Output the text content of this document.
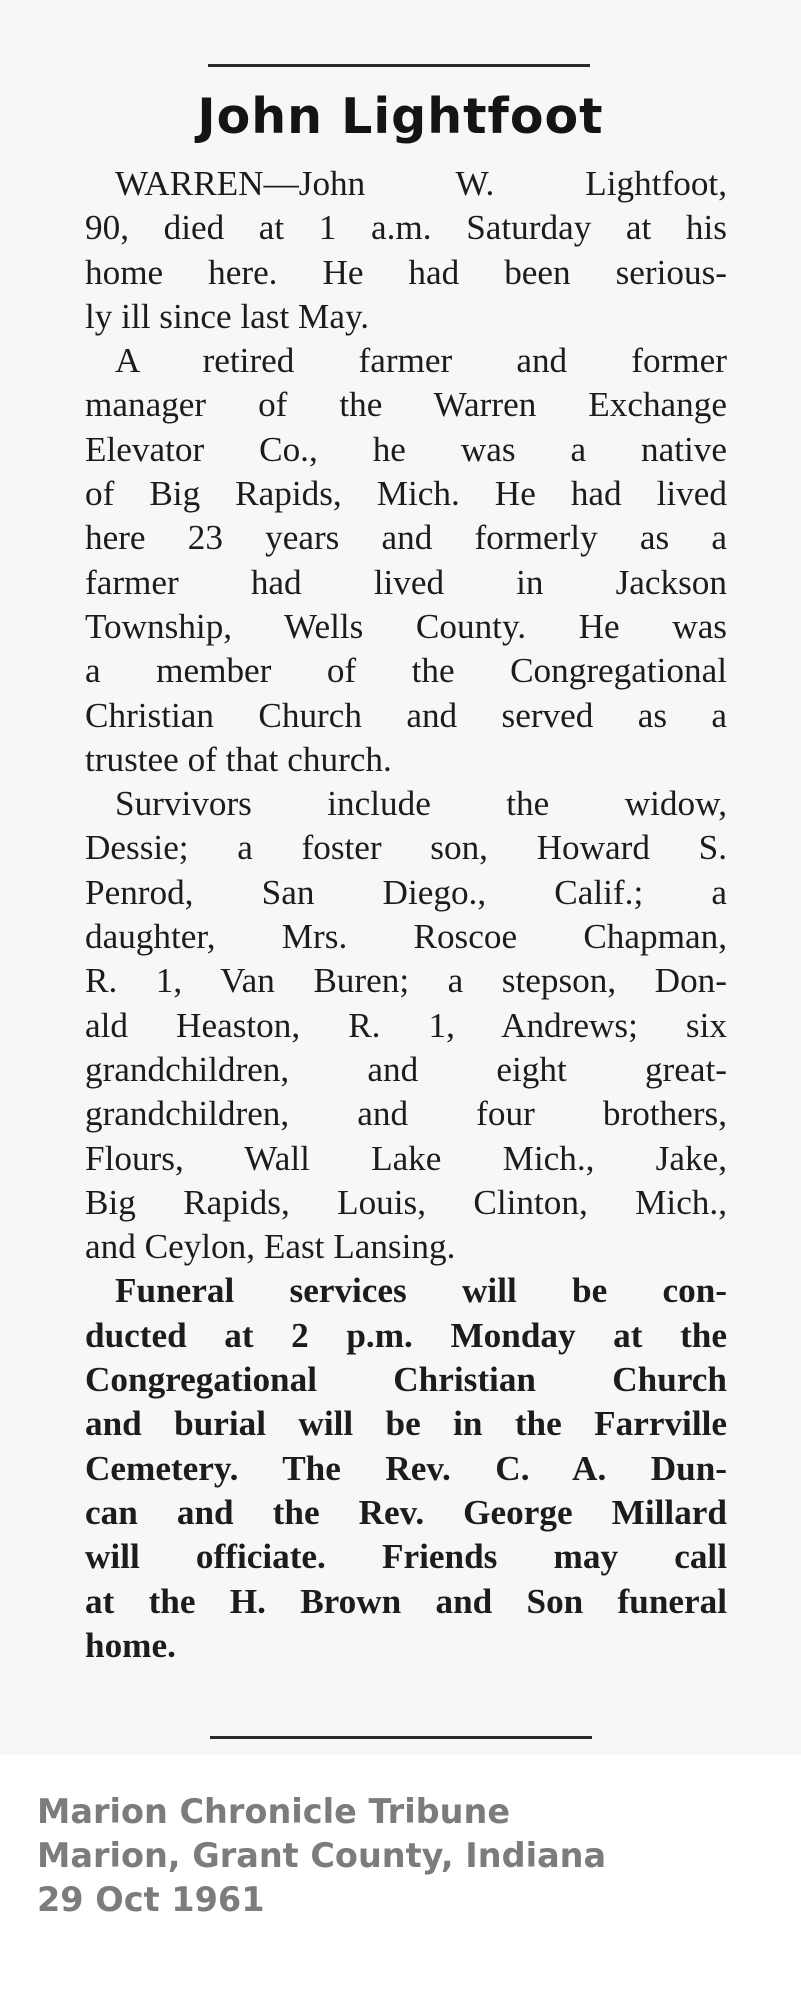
John Lightfoot

WARREN—John W. Lightfoot,
90, died at 1 a.m. Saturday at his
home here. He had been serious-
ly ill since last May.

A retired farmer and former
manager of the Warren Exchange
Elevator Co., he was a native
of Big Rapids, Mich. He had lived
here 23 years and formerly as a
farmer had lived in Jackson
Township, Wells County. He was
a member of the Congregational
Christian Church and served as a
trustee of that church.

Survivors include the widow,
Dessie; a foster son, Howard S.
Penrod, San Diego., Calif.; a
daughter, Mrs. Roscoe Chapman,
R. 1, Van Buren; a stepson, Don-
ald Heaston, R. 1, Andrews; six
grandchildren, and eight great-
grandchildren, and four brothers,
Flours, Wall Lake Mich., Jake,
Big Rapids, Louis, Clinton, Mich.,
and Ceylon, East Lansing.

Funeral services will be con-
ducted at 2 p.m. Monday at the
Congregational Christian Church
and burial will be in the Farrville
Cemetery. The Rev. C. A. Dun-
can and the Rev. George Millard
will officiate. Friends may call
at the H. Brown and Son funeral
home.

Marion Chronicle Tribune
Marion, Grant County, Indiana
29 Oct 1961
